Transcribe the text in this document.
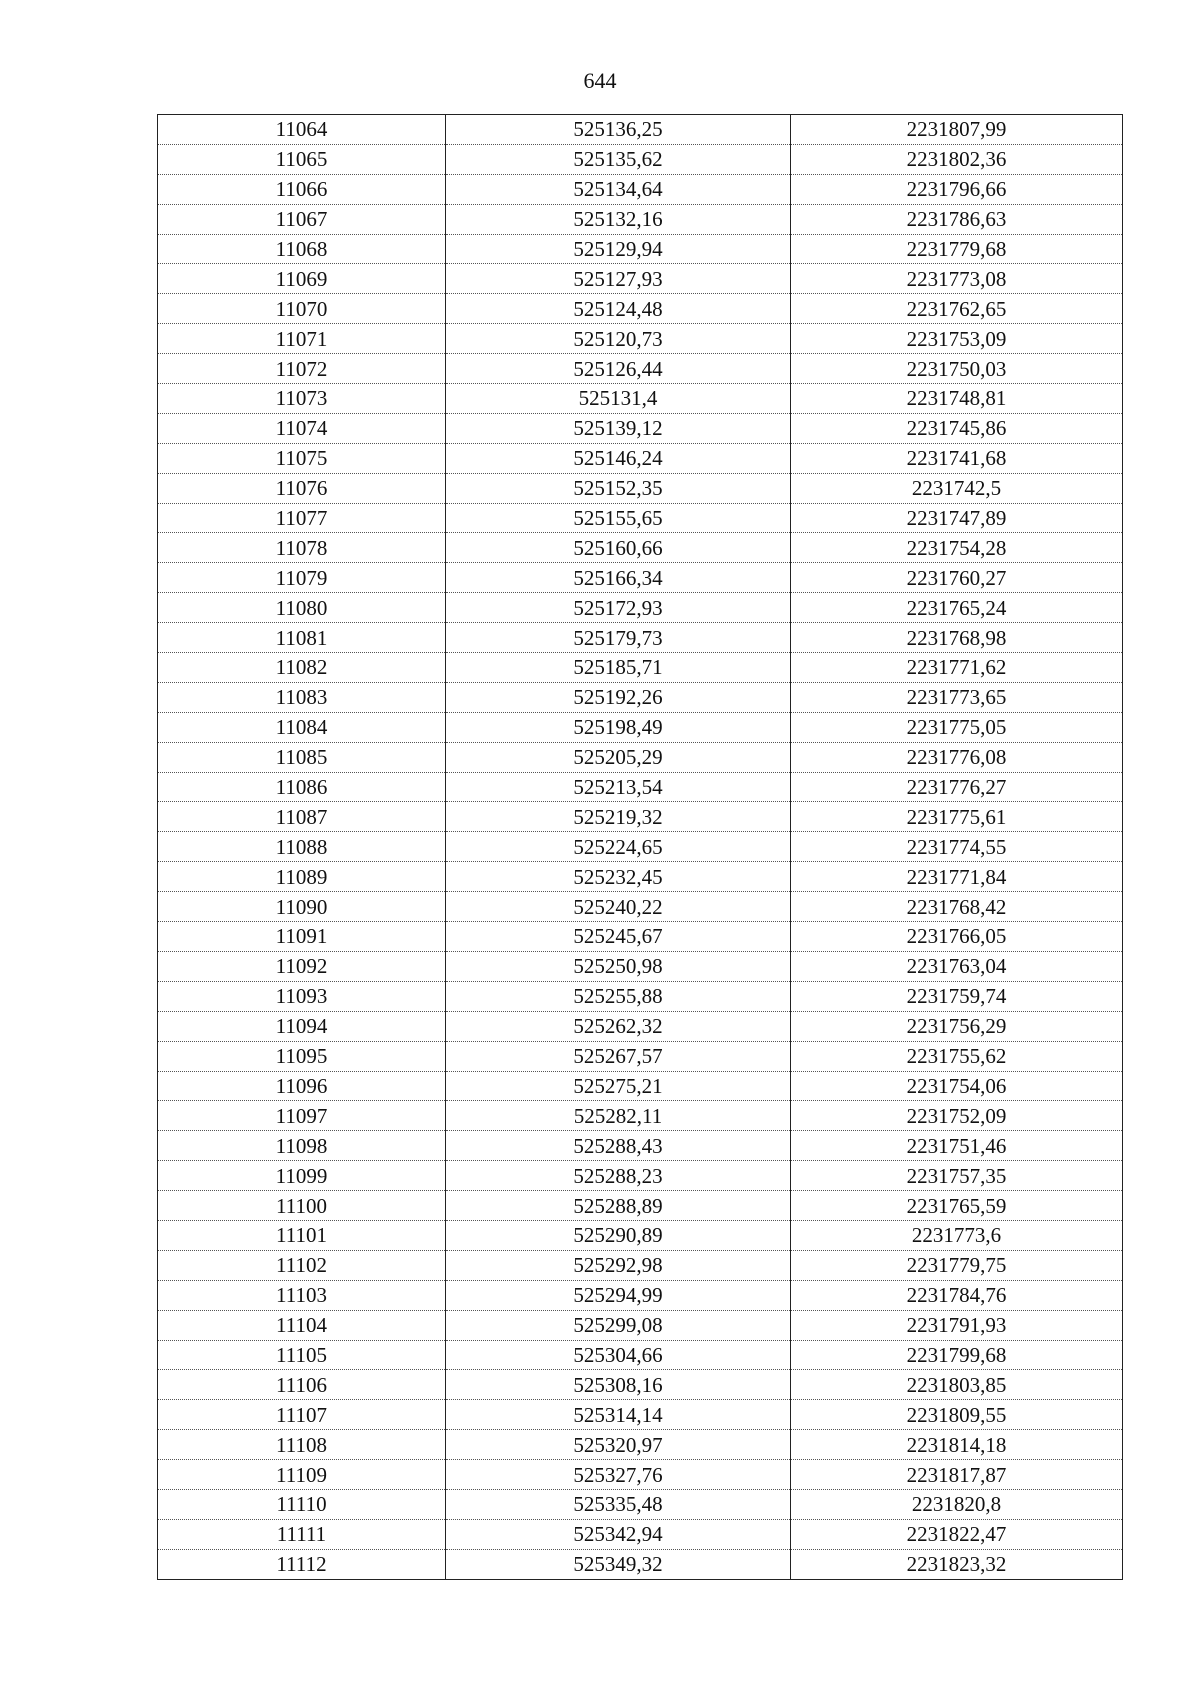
644
11064	525136,25	2231807,99
11065	525135,62	2231802,36
11066	525134,64	2231796,66
11067	525132,16	2231786,63
11068	525129,94	2231779,68
11069	525127,93	2231773,08
11070	525124,48	2231762,65
11071	525120,73	2231753,09
11072	525126,44	2231750,03
11073	525131,4	2231748,81
11074	525139,12	2231745,86
11075	525146,24	2231741,68
11076	525152,35	2231742,5
11077	525155,65	2231747,89
11078	525160,66	2231754,28
11079	525166,34	2231760,27
11080	525172,93	2231765,24
11081	525179,73	2231768,98
11082	525185,71	2231771,62
11083	525192,26	2231773,65
11084	525198,49	2231775,05
11085	525205,29	2231776,08
11086	525213,54	2231776,27
11087	525219,32	2231775,61
11088	525224,65	2231774,55
11089	525232,45	2231771,84
11090	525240,22	2231768,42
11091	525245,67	2231766,05
11092	525250,98	2231763,04
11093	525255,88	2231759,74
11094	525262,32	2231756,29
11095	525267,57	2231755,62
11096	525275,21	2231754,06
11097	525282,11	2231752,09
11098	525288,43	2231751,46
11099	525288,23	2231757,35
11100	525288,89	2231765,59
11101	525290,89	2231773,6
11102	525292,98	2231779,75
11103	525294,99	2231784,76
11104	525299,08	2231791,93
11105	525304,66	2231799,68
11106	525308,16	2231803,85
11107	525314,14	2231809,55
11108	525320,97	2231814,18
11109	525327,76	2231817,87
11110	525335,48	2231820,8
11111	525342,94	2231822,47
11112	525349,32	2231823,32
